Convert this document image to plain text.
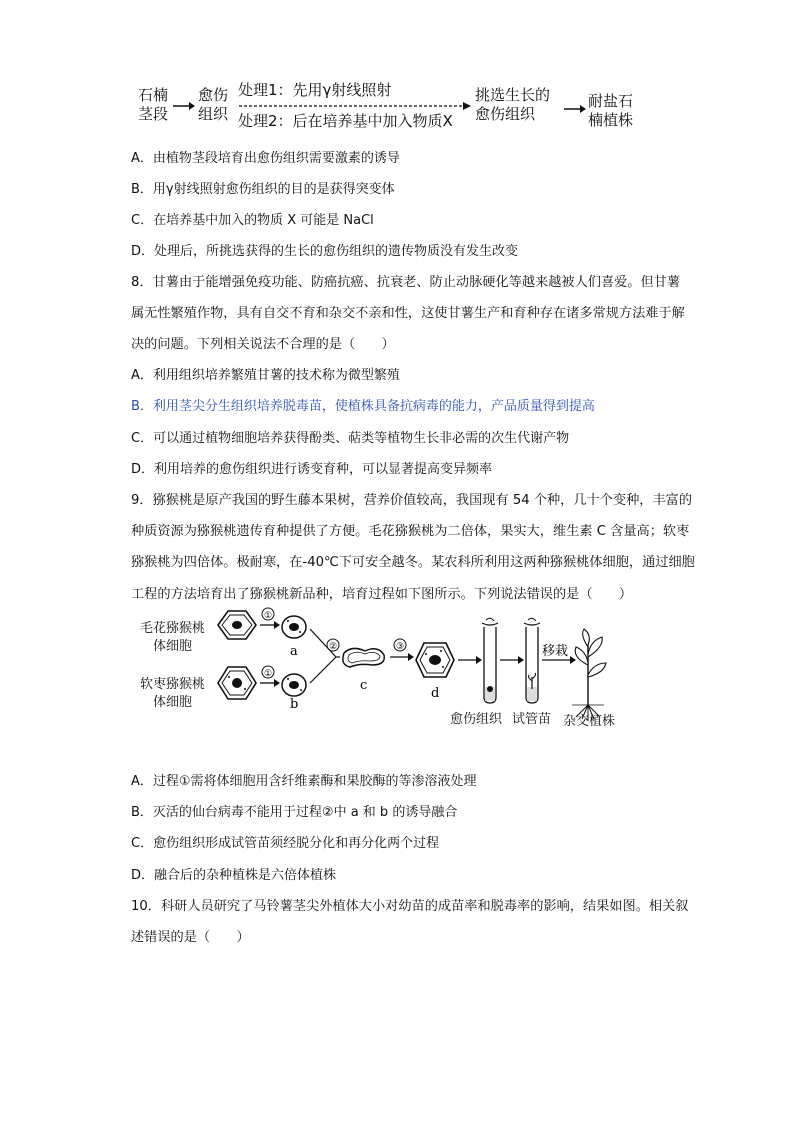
石楠
茎段
愈伤
组织
处理1：先用γ射线照射
处理2：后在培养基中加入物质X
挑选生长的
愈伤组织
耐盐石
楠植株
A．由植物茎段培育出愈伤组织需要激素的诱导
B．用γ射线照射愈伤组织的目的是获得突变体
C．在培养基中加入的物质 X 可能是 NaCl
D．处理后，所挑选获得的生长的愈伤组织的遗传物质没有发生改变
8．甘薯由于能增强免疫功能、防癌抗癌、抗衰老、防止动脉硬化等越来越被人们喜爱。但甘薯
属无性繁殖作物，具有自交不育和杂交不亲和性，这使甘薯生产和育种存在诸多常规方法难于解
决的问题。下列相关说法不合理的是（　　）
A．利用组织培养繁殖甘薯的技术称为微型繁殖
B．利用茎尖分生组织培养脱毒苗，使植株具备抗病毒的能力，产品质量得到提高
C．可以通过植物细胞培养获得酚类、萜类等植物生长非必需的次生代谢产物
D．利用培养的愈伤组织进行诱变育种，可以显著提高变异频率
9．猕猴桃是原产我国的野生藤本果树，营养价值较高，我国现有 54 个种，几十个变种，丰富的
种质资源为猕猴桃遗传育种提供了方便。毛花猕猴桃为二倍体，果实大，维生素 C 含量高；软枣
猕猴桃为四倍体。极耐寒，在-40℃下可安全越冬。某农科所利用这两种猕猴桃体细胞，通过细胞
工程的方法培育出了猕猴桃新品种，培育过程如下图所示。下列说法错误的是（　　）
毛花猕猴桃
体细胞
软枣猕猴桃
体细胞
①
a
①
b
②
c
③
d
移栽
愈伤组织 试管苗 杂交植株
A．过程①需将体细胞用含纤维素酶和果胶酶的等渗溶液处理
B．灭活的仙台病毒不能用于过程②中 a 和 b 的诱导融合
C．愈伤组织形成试管苗须经脱分化和再分化两个过程
D．融合后的杂种植株是六倍体植株
10．科研人员研究了马铃薯茎尖外植体大小对幼苗的成苗率和脱毒率的影响，结果如图。相关叙
述错误的是（　　）
